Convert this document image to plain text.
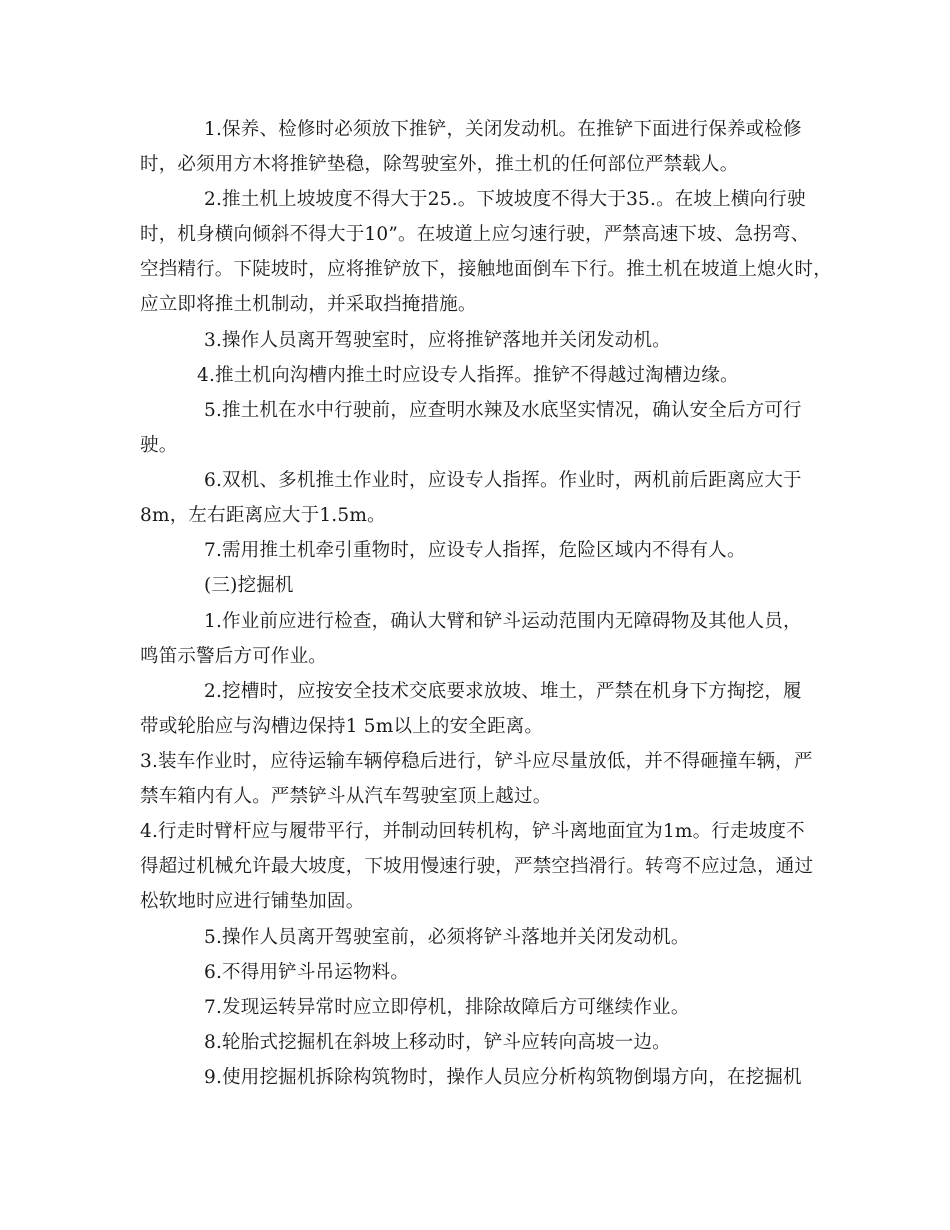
1.保养、检修时必须放下推铲，关闭发动机。在推铲下面进行保养或检修
时，必须用方木将推铲垫稳，除驾驶室外，推土机的任何部位严禁载人。
2.推土机上坡坡度不得大于25.。下坡坡度不得大于35.。在坡上横向行驶
时，机身横向倾斜不得大于10”。在坡道上应匀速行驶，严禁高速下坡、急拐弯、
空挡精行。下陡坡时，应将推铲放下，接触地面倒车下行。推土机在坡道上熄火时，
应立即将推土机制动，并采取挡掩措施。
3.操作人员离开驾驶室时，应将推铲落地并关闭发动机。
4.推土机向沟槽内推土时应设专人指挥。推铲不得越过淘槽边缘。
5.推土机在水中行驶前，应查明水辣及水底坚实情况，确认安全后方可行
驶。
6.双机、多机推土作业时，应设专人指挥。作业时，两机前后距离应大于
8m，左右距离应大于1.5m。
7.需用推土机牵引重物时，应设专人指挥，危险区域内不得有人。
(三)挖掘机
1.作业前应进行检查，确认大臂和铲斗运动范围内无障碍物及其他人员，
鸣笛示警后方可作业。
2.挖槽时，应按安全技术交底要求放坡、堆土，严禁在机身下方掏挖，履
带或轮胎应与沟槽边保持1 5m以上的安全距离。
3.装车作业时，应待运输车辆停稳后进行，铲斗应尽量放低，并不得砸撞车辆，严
禁车箱内有人。严禁铲斗从汽车驾驶室顶上越过。
4.行走时臂杆应与履带平行，并制动回转机构，铲斗离地面宜为1m。行走坡度不
得超过机械允许最大坡度，下坡用慢速行驶，严禁空挡滑行。转弯不应过急，通过
松软地时应进行铺垫加固。
5.操作人员离开驾驶室前，必须将铲斗落地并关闭发动机。
6.不得用铲斗吊运物料。
7.发现运转异常时应立即停机，排除故障后方可继续作业。
8.轮胎式挖掘机在斜坡上移动时，铲斗应转向高坡一边。
9.使用挖掘机拆除构筑物时，操作人员应分析构筑物倒塌方向，在挖掘机
